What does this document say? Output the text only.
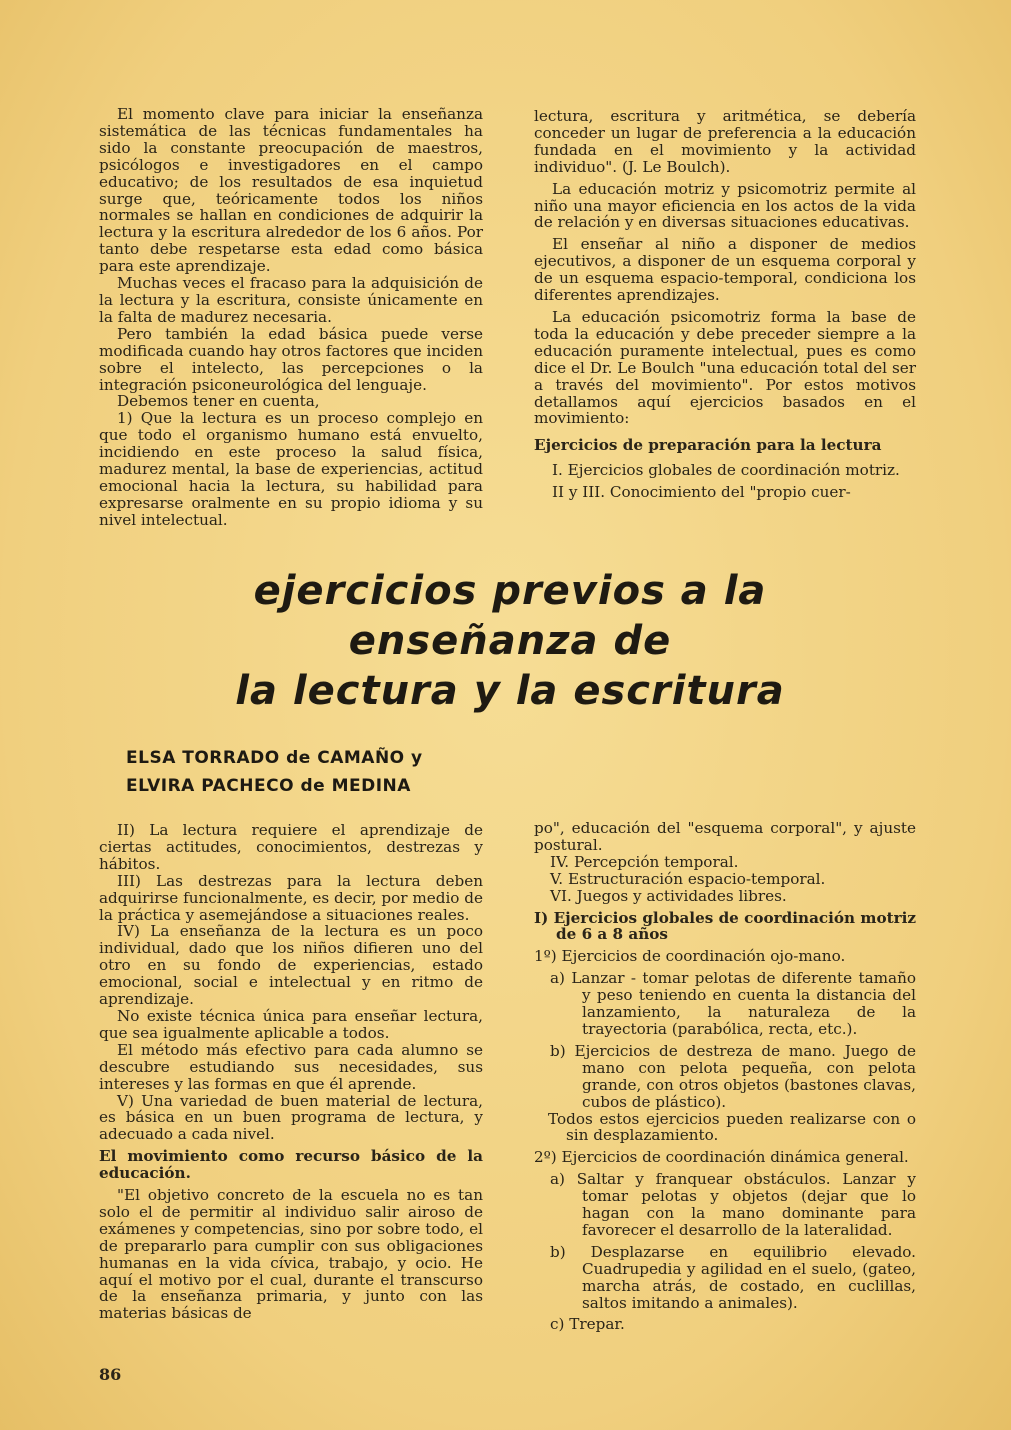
El momento clave para iniciar la enseñanza sistemática de las técnicas fundamentales ha sido la constante preocupación de maestros, psicólogos e investigadores en el campo educativo; de los resultados de esa inquietud surge que, teóricamente todos los niños normales se hallan en condiciones de adquirir la lectura y la escritura alrededor de los 6 años. Por tanto debe respetarse esta edad como básica para este aprendizaje.

Muchas veces el fracaso para la adquisición de la lectura y la escritura, consiste únicamente en la falta de madurez necesaria.

Pero también la edad básica puede verse modificada cuando hay otros factores que inciden sobre el intelecto, las percepciones o la integración psiconeurológica del lenguaje.

Debemos tener en cuenta,

1) Que la lectura es un proceso complejo en que todo el organismo humano está envuelto, incidiendo en este proceso la salud física, madurez mental, la base de experiencias, actitud emocional hacia la lectura, su habilidad para expresarse oralmente en su propio idioma y su nivel intelectual.

lectura, escritura y aritmética, se debería conceder un lugar de preferencia a la educación fundada en el movimiento y la actividad individuo". (J. Le Boulch).

La educación motriz y psicomotriz permite al niño una mayor eficiencia en los actos de la vida de relación y en diversas situaciones educativas.

El enseñar al niño a disponer de medios ejecutivos, a disponer de un esquema corporal y de un esquema espacio-temporal, condiciona los diferentes aprendizajes.

La educación psicomotriz forma la base de toda la educación y debe preceder siempre a la educación puramente intelectual, pues es como dice el Dr. Le Boulch "una educación total del ser a través del movimiento". Por estos motivos detallamos aquí ejercicios basados en el movimiento:

Ejercicios de preparación para la lectura

I. Ejercicios globales de coordinación motriz.

II y III. Conocimiento del "propio cuer-

ejercicios previos a la
enseñanza de
la lectura y la escritura
ELSA TORRADO de CAMAÑO y
ELVIRA PACHECO de MEDINA

II) La lectura requiere el aprendizaje de ciertas actitudes, conocimientos, destrezas y hábitos.

III) Las destrezas para la lectura deben adquirirse funcionalmente, es decir, por medio de la práctica y asemejándose a situaciones reales.

IV) La enseñanza de la lectura es un poco individual, dado que los niños difieren uno del otro en su fondo de experiencias, estado emocional, social e intelectual y en ritmo de aprendizaje.

No existe técnica única para enseñar lectura, que sea igualmente aplicable a todos.

El método más efectivo para cada alumno se descubre estudiando sus necesidades, sus intereses y las formas en que él aprende.

V) Una variedad de buen material de lectura, es básica en un buen programa de lectura, y adecuado a cada nivel.

El movimiento como recurso básico de la educación.

"El objetivo concreto de la escuela no es tan solo el de permitir al individuo salir airoso de exámenes y competencias, sino por sobre todo, el de prepararlo para cumplir con sus obligaciones humanas en la vida cívica, trabajo, y ocio. He aquí el motivo por el cual, durante el transcurso de la enseñanza primaria, y junto con las materias básicas de

po", educación del "esquema corporal", y ajuste postural.

IV. Percepción temporal.

V. Estructuración espacio-temporal.

VI. Juegos y actividades libres.

I) Ejercicios globales de coordinación motriz de 6 a 8 años

1º) Ejercicios de coordinación ojo-mano.

a) Lanzar - tomar pelotas de diferente tamaño y peso teniendo en cuenta la distancia del lanzamiento, la naturaleza de la trayectoria (parabólica, recta, etc.).

b) Ejercicios de destreza de mano. Juego de mano con pelota pequeña, con pelota grande, con otros objetos (bastones clavas, cubos de plástico).

Todos estos ejercicios pueden realizarse con o sin desplazamiento.

2º) Ejercicios de coordinación dinámica general.

a) Saltar y franquear obstáculos. Lanzar y tomar pelotas y objetos (dejar que lo hagan con la mano dominante para favorecer el desarrollo de la lateralidad.

b) Desplazarse en equilibrio elevado. Cuadrupedia y agilidad en el suelo, (gateo, marcha atrás, de costado, en cuclillas, saltos imitando a animales).

c) Trepar.

86
